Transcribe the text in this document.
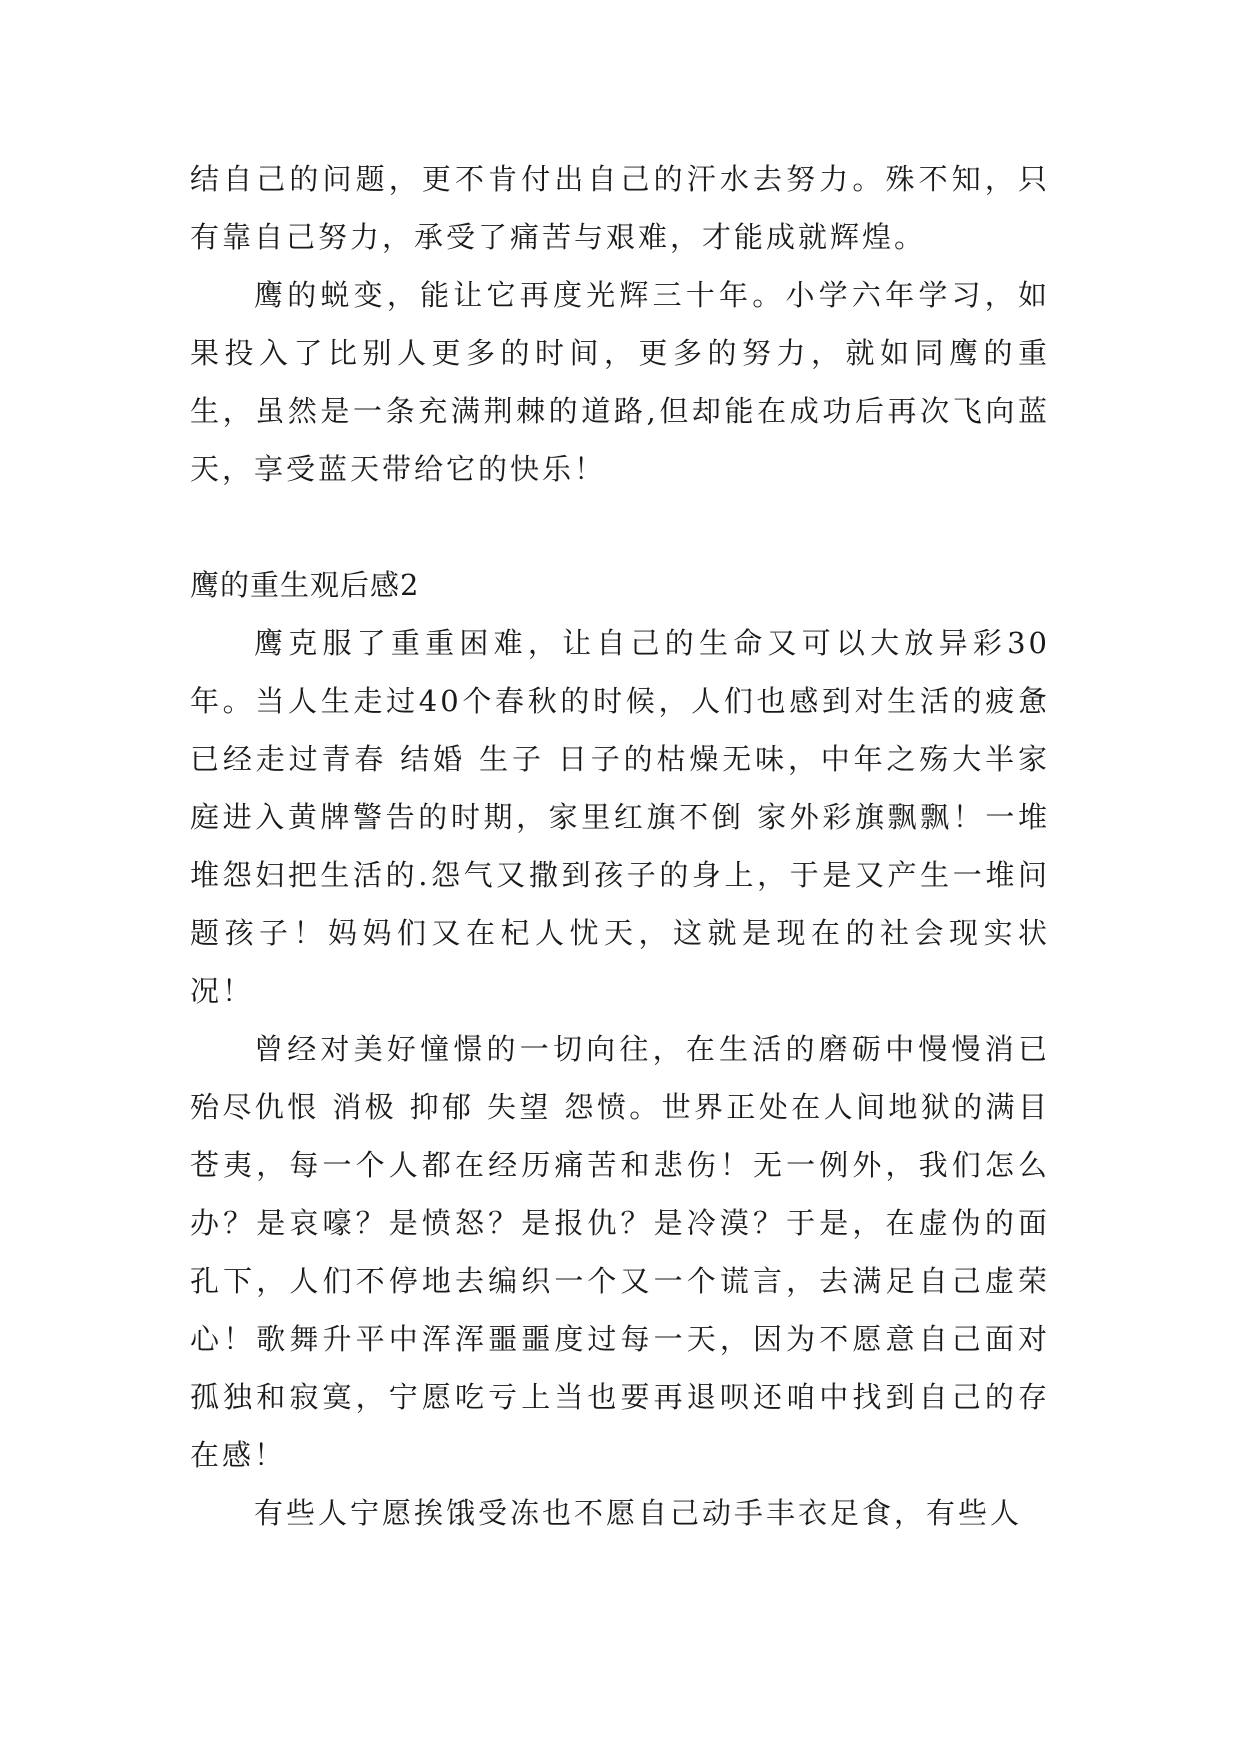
结自己的问题，更不肯付出自己的汗水去努力。殊不知，只有靠自己努力，承受了痛苦与艰难，才能成就辉煌。

鹰的蜕变，能让它再度光辉三十年。小学六年学习，如果投入了比别人更多的时间，更多的努力，就如同鹰的重生，虽然是一条充满荆棘的道路,但却能在成功后再次飞向蓝天，享受蓝天带给它的快乐！

鹰的重生观后感2

鹰克服了重重困难，让自己的生命又可以大放异彩30年。当人生走过40个春秋的时候，人们也感到对生活的疲惫已经走过青春 结婚 生子 日子的枯燥无味，中年之殇大半家庭进入黄牌警告的时期，家里红旗不倒 家外彩旗飘飘！一堆堆怨妇把生活的.怨气又撒到孩子的身上，于是又产生一堆问题孩子！妈妈们又在杞人忧天，这就是现在的社会现实状况！

曾经对美好憧憬的一切向往，在生活的磨砺中慢慢消已殆尽仇恨 消极 抑郁 失望 怨愤。世界正处在人间地狱的满目苍夷，每一个人都在经历痛苦和悲伤！无一例外，我们怎么办？是哀嚎？是愤怒？是报仇？是冷漠？于是，在虚伪的面孔下，人们不停地去编织一个又一个谎言，去满足自己虚荣心！歌舞升平中浑浑噩噩度过每一天，因为不愿意自己面对孤独和寂寞，宁愿吃亏上当也要再退呗还咱中找到自己的存在感！

有些人宁愿挨饿受冻也不愿自己动手丰衣足食，有些人
